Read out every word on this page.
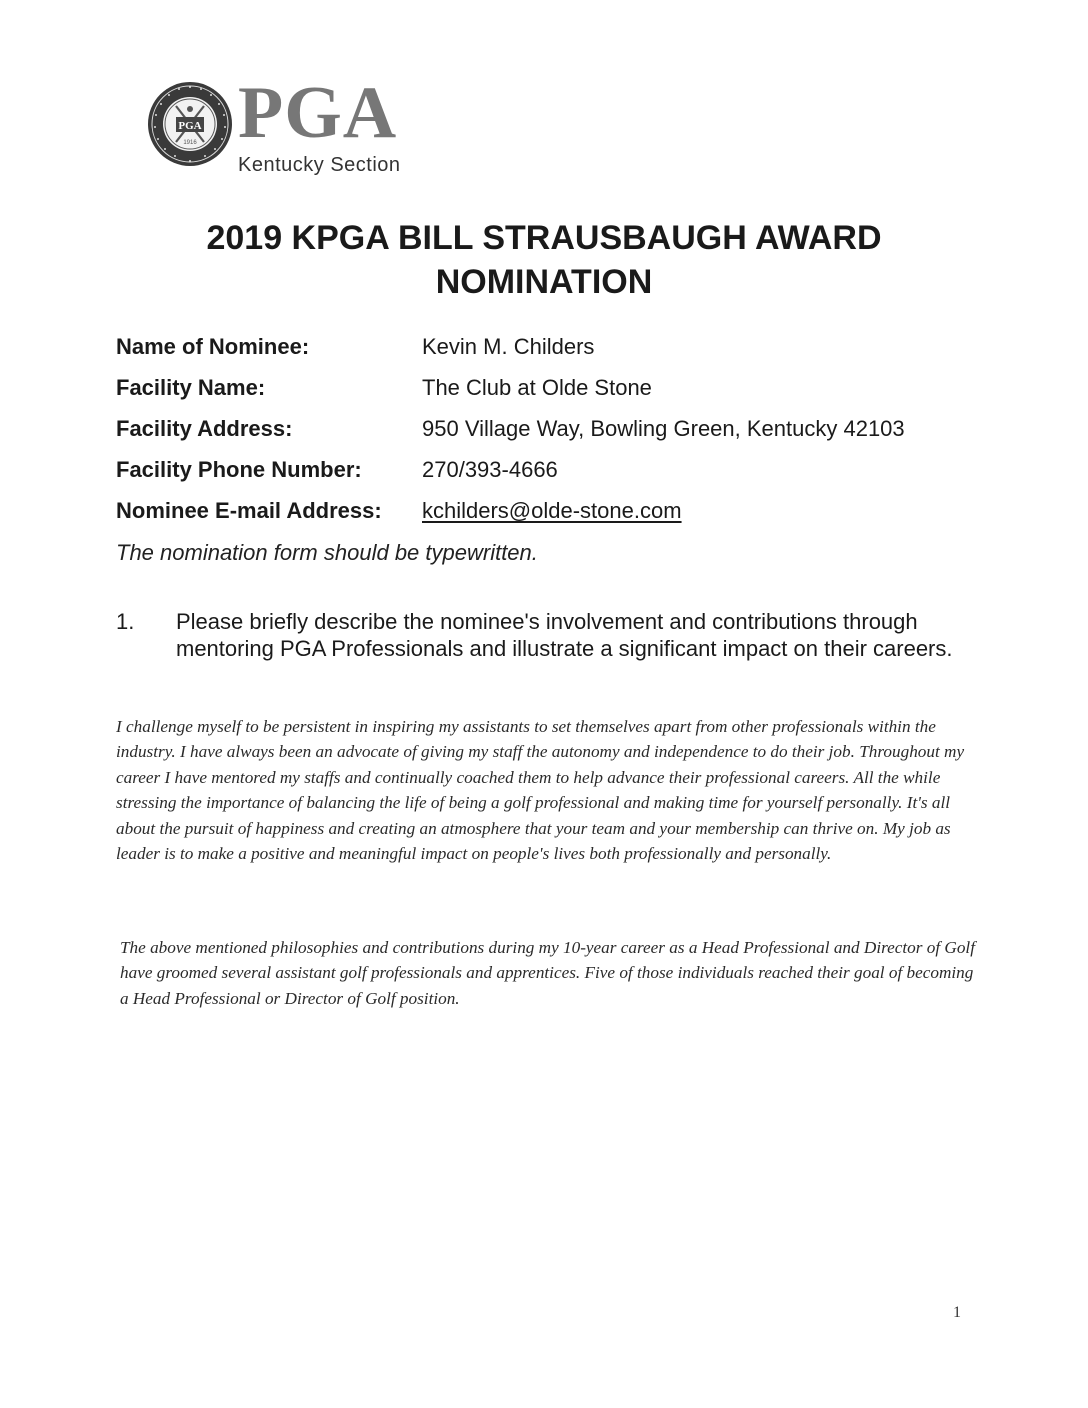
PGA
1916 PGA
Kentucky Section
2019 KPGA BILL STRAUSBAUGH AWARD
NOMINATION
Name of Nominee:	Kevin M. Childers
Facility Name:	The Club at Olde Stone
Facility Address:	950 Village Way, Bowling Green, Kentucky 42103
Facility Phone Number:	270/393-4666
Nominee E-mail Address: kchilders@olde-stone.com
The nomination form should be typewritten.
1. Please briefly describe the nominee's involvement and contributions through mentoring PGA Professionals and illustrate a significant impact on their careers.
I challenge myself to be persistent in inspiring my assistants to set themselves apart from other professionals within the industry. I have always been an advocate of giving my staff the autonomy and independence to do their job. Throughout my career I have mentored my staffs and continually coached them to help advance their professional careers. All the while stressing the importance of balancing the life of being a golf professional and making time for yourself personally. It's all about the pursuit of happiness and creating an atmosphere that your team and your membership can thrive on. My job as leader is to make a positive and meaningful impact on people's lives both professionally and personally.
The above mentioned philosophies and contributions during my 10-year career as a Head Professional and Director of Golf have groomed several assistant golf professionals and apprentices. Five of those individuals reached their goal of becoming a Head Professional or Director of Golf position.
1
